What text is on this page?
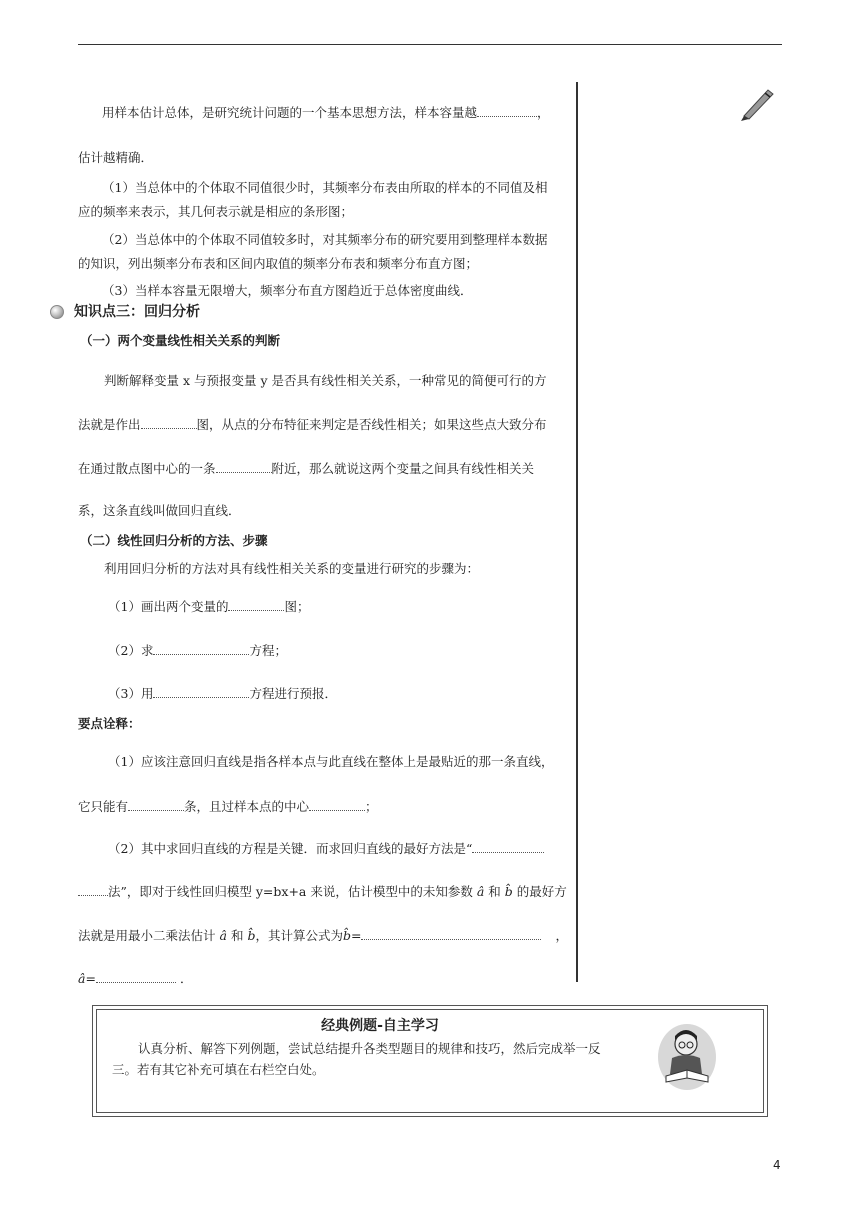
用样本估计总体，是研究统计问题的一个基本思想方法，样本容量越	，
估计越精确．
（1）当总体中的个体取不同值很少时，其频率分布表由所取的样本的不同值及相
应的频率来表示，其几何表示就是相应的条形图；
（2）当总体中的个体取不同值较多时，对其频率分布的研究要用到整理样本数据
的知识，列出频率分布表和区间内取值的频率分布表和频率分布直方图；
（3）当样本容量无限增大，频率分布直方图趋近于总体密度曲线．
知识点三：回归分析
（一）两个变量线性相关关系的判断
判断解释变量 x 与预报变量 y 是否具有线性相关关系，一种常见的简便可行的方
法就是作出	图，从点的分布特征来判定是否线性相关；如果这些点大致分布
在通过散点图中心的一条	附近，那么就说这两个变量之间具有线性相关关
系，这条直线叫做回归直线．
（二）线性回归分析的方法、步骤
利用回归分析的方法对具有线性相关关系的变量进行研究的步骤为：
（1）画出两个变量的	图；
（2）求	方程；
（3）用	方程进行预报．
要点诠释：
（1）应该注意回归直线是指各样本点与此直线在整体上是最贴近的那一条直线，
它只能有	条，且过样本点的中心	；
（2）其中求回归直线的方程是关键．而求回归直线的最好方法是“
法”，即对于线性回归模型 y=bx+a 来说，估计模型中的未知参数 â 和 b̂ 的最好方
法就是用最小二乘法估计 â 和 b̂，其计算公式为b̂=	，
â=	．
经典例题-自主学习
认真分析、解答下列例题，尝试总结提升各类型题目的规律和技巧，然后完成举一反
三。若有其它补充可填在右栏空白处。
4
